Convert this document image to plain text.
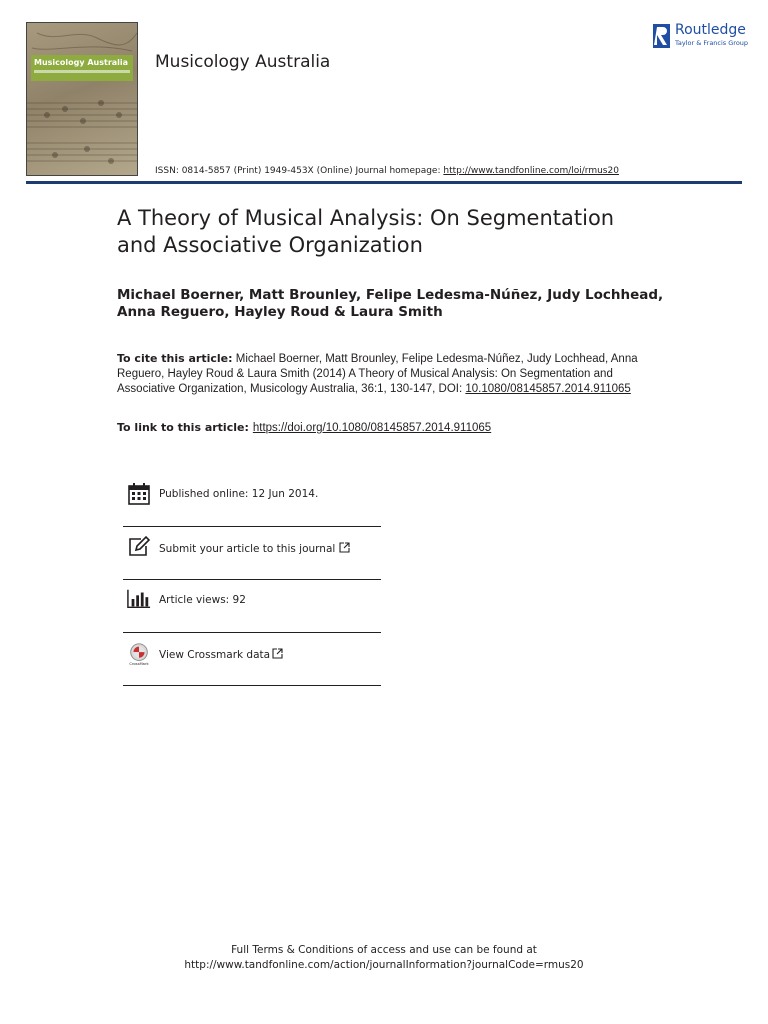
Musicology Australia Musicology Australia
Routledge
Taylor & Francis Group
ISSN: 0814-5857 (Print) 1949-453X (Online) Journal homepage: http://www.tandfonline.com/loi/rmus20
A Theory of Musical Analysis: On Segmentation
and Associative Organization
Michael Boerner, Matt Brounley, Felipe Ledesma-Núñez, Judy Lochhead,
Anna Reguero, Hayley Roud & Laura Smith
To cite this article: Michael Boerner, Matt Brounley, Felipe Ledesma-Núñez, Judy Lochhead, Anna Reguero, Hayley Roud & Laura Smith (2014) A Theory of Musical Analysis: On Segmentation and Associative Organization, Musicology Australia, 36:1, 130-147, DOI: 10.1080/08145857.2014.911065
To link to this article: https://doi.org/10.1080/08145857.2014.911065
Published online: 12 Jun 2014.
Submit your article to this journal
Article views: 92
CrossMark
View Crossmark data
Full Terms & Conditions of access and use can be found at
http://www.tandfonline.com/action/journalInformation?journalCode=rmus20
